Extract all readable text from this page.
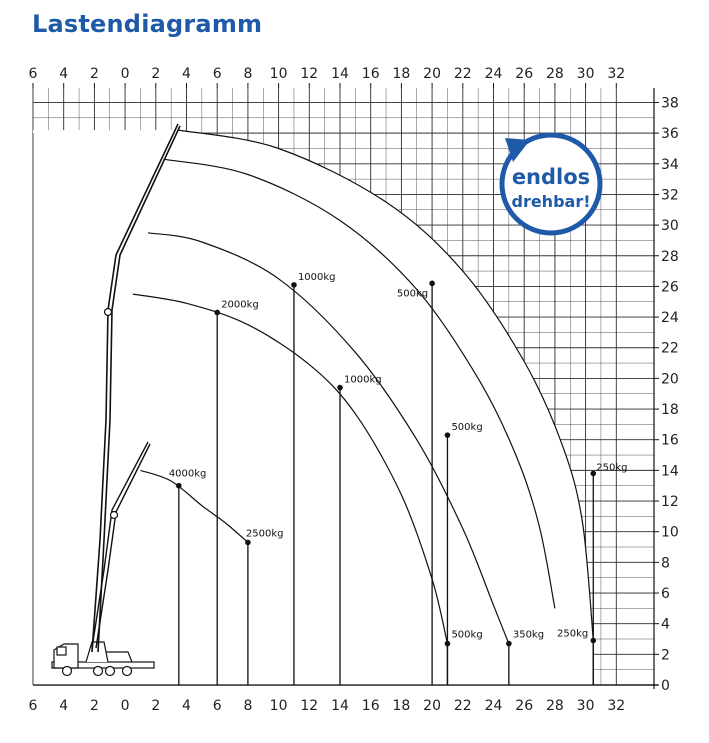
Lastendiagramm
6 4 2 0 2 4 6 8 10 12 14 16 18 20 22 24 26 28 30 32
6 4 2 0 2 4 6 8 10 12 14 16 18 20 22 24 26 28 30 32
0
2
4
6
8
10
12
14
16
18
20
22
24
26
28
30
32
34
36
38
4000kg
2500kg
2000kg
1000kg
1000kg
500kg
500kg
500kg	350kg
250kg
250kg
endlos
drehbar!
